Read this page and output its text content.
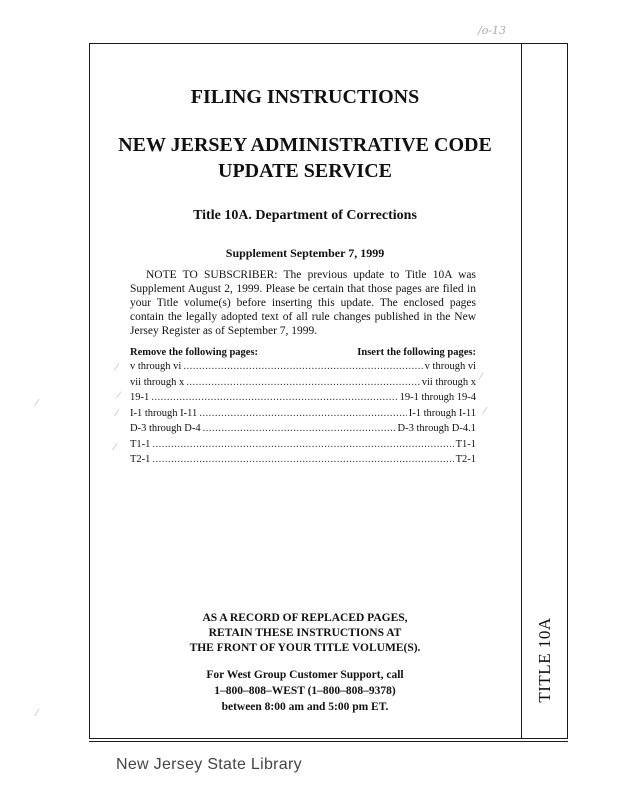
/o-13
TITLE 10A
FILING INSTRUCTIONS
NEW JERSEY ADMINISTRATIVE CODE
UPDATE SERVICE
Title 10A. Department of Corrections
Supplement September 7, 1999
NOTE TO SUBSCRIBER: The previous update to Title 10A was Supplement August 2, 1999. Please be certain that those pages are filed in your Title volume(s) before inserting this update. The enclosed pages contain the legally adopted text of all rule changes published in the New Jersey Register as of September 7, 1999.
Remove the following pages:	Insert the following pages:
v through vi .....	v through vi
vii through x .....	vii through x
19-1 .....	19-1 through 19-4
I-1 through I-11 .....	I-1 through I-11
D-3 through D-4 .....	D-3 through D-4.1
T1-1 .....	T1-1
T2-1 .....	T2-1
⁄
∕
⁄
⁄
⁄
⁄
⁄
⁄
AS A RECORD OF REPLACED PAGES,
RETAIN THESE INSTRUCTIONS AT
THE FRONT OF YOUR TITLE VOLUME(S).
For West Group Customer Support, call
1–800–808–WEST (1–800–808–9378)
between 8:00 am and 5:00 pm ET.
New Jersey State Library
